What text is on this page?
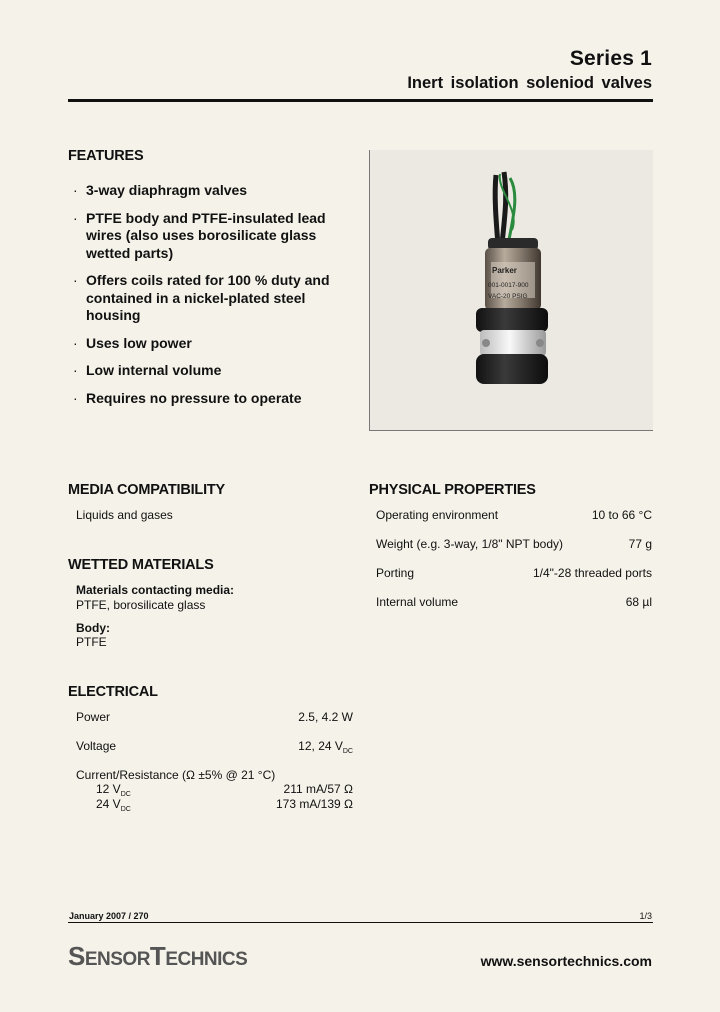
Series 1
Inert isolation soleniod valves
FEATURES
· 3-way diaphragm valves
· PTFE body and PTFE-insulated lead wires (also uses borosilicate glass wetted parts)
· Offers coils rated for 100 % duty and contained in a nickel-plated steel housing
· Uses low power
· Low internal volume
· Requires no pressure to operate
Parker
001-0017-900
VAC-20 PSIG
MEDIA COMPATIBILITY
Liquids and gases
WETTED MATERIALS
Materials contacting media:
PTFE, borosilicate glass
Body:
PTFE
ELECTRICAL
Power	2.5, 4.2 W
Voltage	12, 24 $V_{DC}$
Current/Resistance (Ω ±5% @ 21 °C)
12 $V_{DC}$	211 mA/57 Ω
24 $V_{DC}$	173 mA/139 Ω
PHYSICAL PROPERTIES
Operating environment	10 to 66 °C
Weight (e.g. 3-way, 1/8" NPT body)	77 g
Porting	1/4"-28 threaded ports
Internal volume	68 µl
January 2007 / 270	1/3
SENSORTECHNICS	www.sensortechnics.com
